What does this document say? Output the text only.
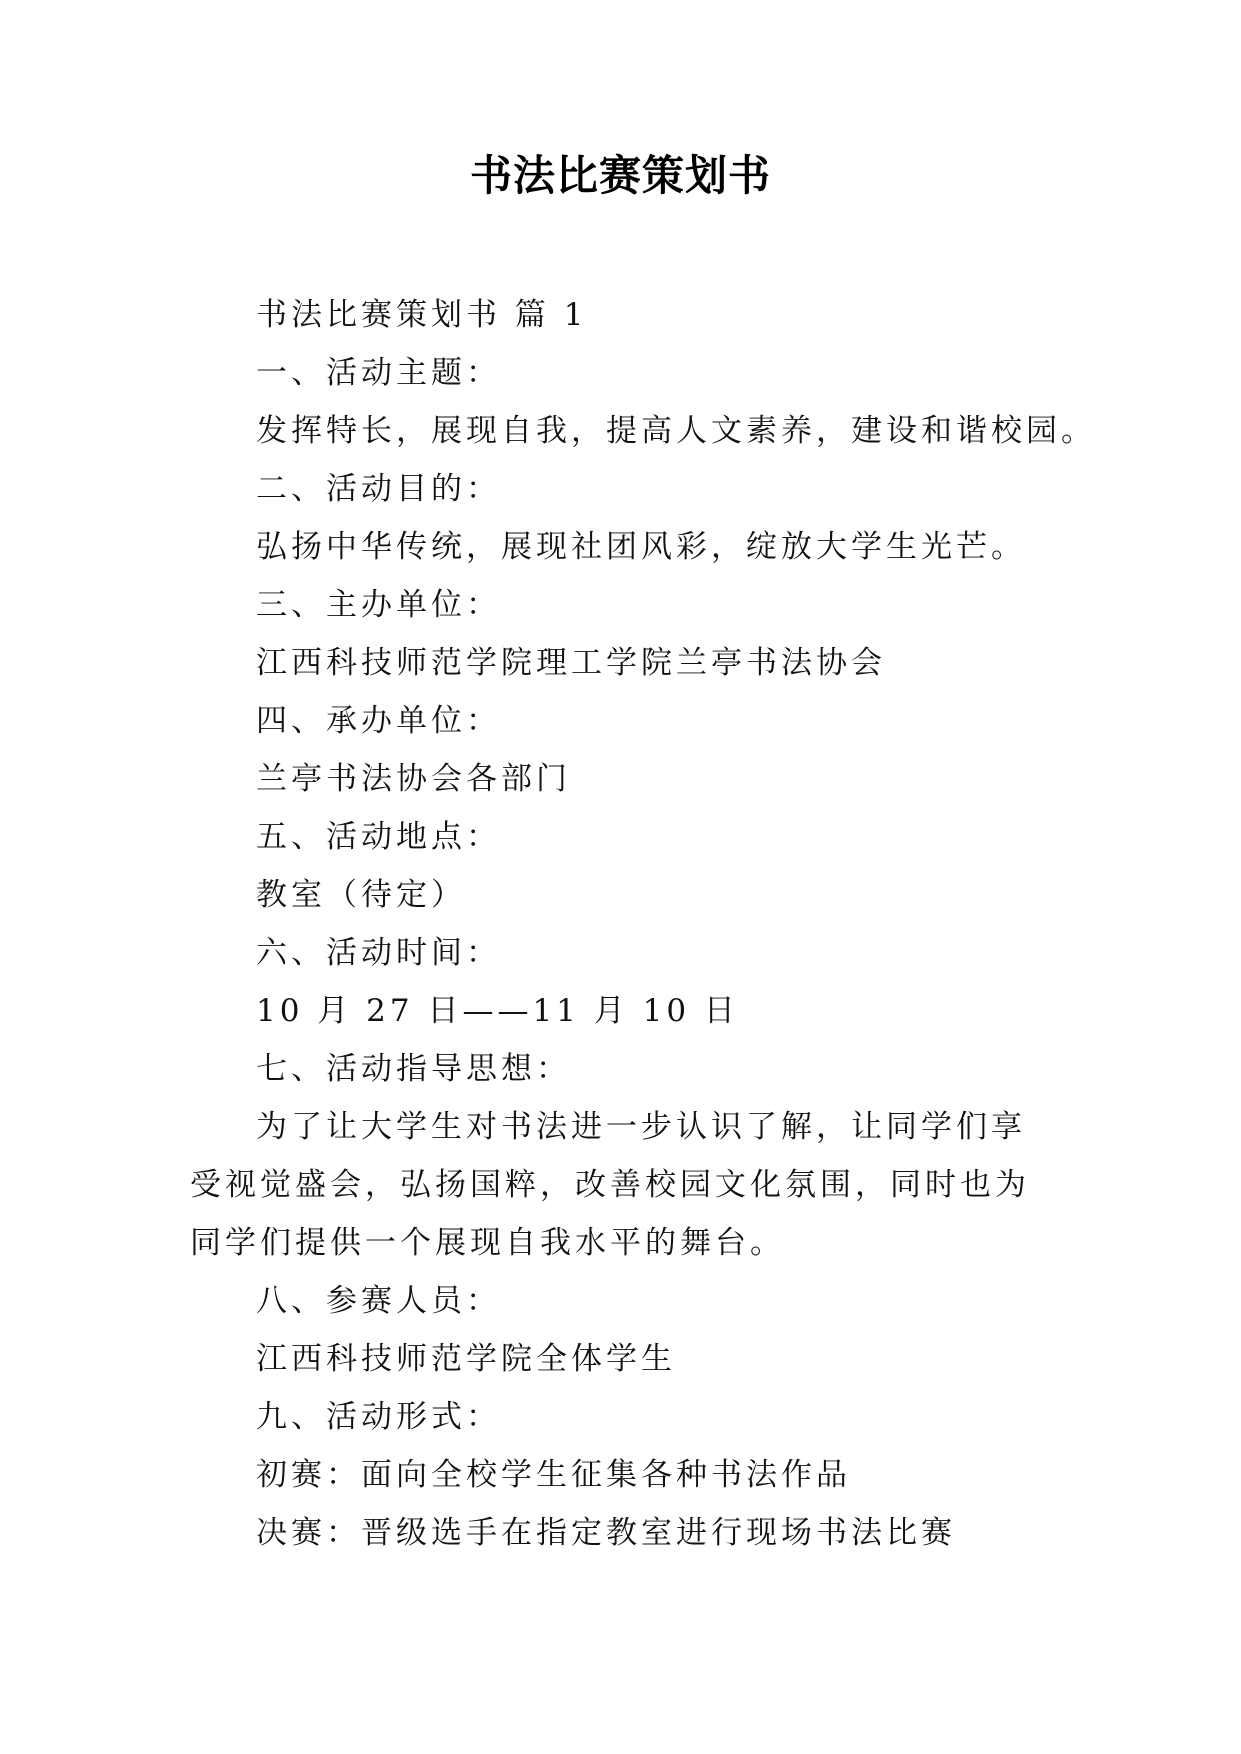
书法比赛策划书
书法比赛策划书 篇 1
一、活动主题：
发挥特长，展现自我，提高人文素养，建设和谐校园。
二、活动目的：
弘扬中华传统，展现社团风彩，绽放大学生光芒。
三、主办单位：
江西科技师范学院理工学院兰亭书法协会
四、承办单位：
兰亭书法协会各部门
五、活动地点：
教室（待定）
六、活动时间：
10 月 27 日——11 月 10 日
七、活动指导思想：
为了让大学生对书法进一步认识了解，让同学们享受视觉盛会，弘扬国粹，改善校园文化氛围，同时也为同学们提供一个展现自我水平的舞台。
八、参赛人员：
江西科技师范学院全体学生
九、活动形式：
初赛：面向全校学生征集各种书法作品
决赛：晋级选手在指定教室进行现场书法比赛
